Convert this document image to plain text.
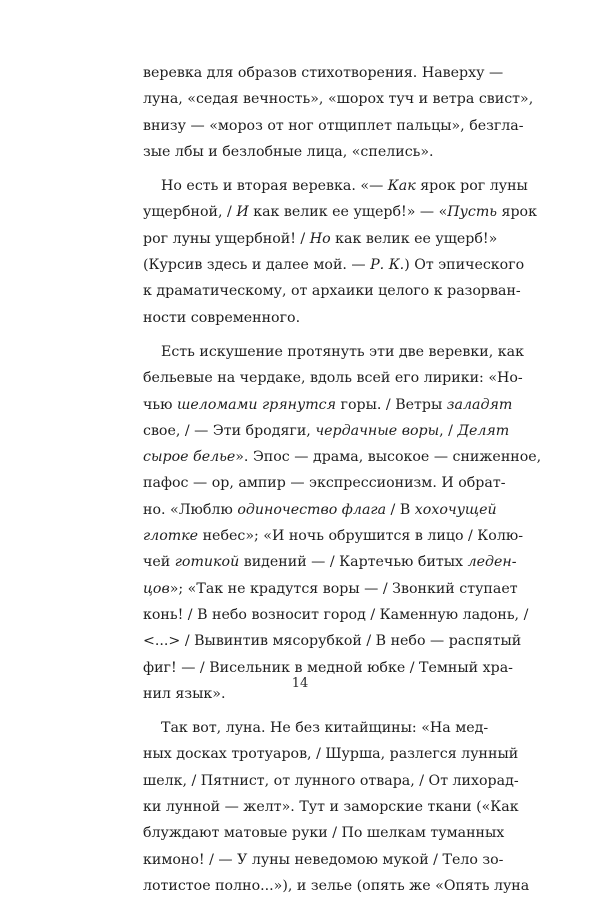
веревка для образов стихотворения. Наверху —
луна, «седая вечность», «шорох туч и ветра свист»,
внизу — «мороз от ног отщиплет пальцы», безгла-
зые лбы и безлобные лица, «спелись».
Но есть и вторая веревка. «— Как ярок рог луны
ущербной, / И как велик ее ущерб!» — «Пусть ярок
рог луны ущербной! / Но как велик ее ущерб!»
(Курсив здесь и далее мой. — Р. К.) От эпического
к драматическому, от архаики целого к разорван-
ности современного.
Есть искушение протянуть эти две веревки, как
бельевые на чердаке, вдоль всей его лирики: «Но-
чью шеломами грянутся горы. / Ветры заладят
свое, / — Эти бродяги, чердачные воры, / Делят
сырое белье». Эпос — драма, высокое — сниженное,
пафос — ор, ампир — экспрессионизм. И обрат-
но. «Люблю одиночество флага / В хохочущей
глотке небес»; «И ночь обрушится в лицо / Колю-
чей готикой видений — / Картечью битых леден-
цов»; «Так не крадутся воры — / Звонкий ступает
конь! / В небо возносит город / Каменную ладонь, /
<...> / Вывинтив мясорубкой / В небо — распятый
фиг! — / Висельник в медной юбке / Темный хра-
нил язык».
Так вот, луна. Не без китайщины: «На мед-
ных досках тротуаров, / Шурша, разлегся лунный
шелк, / Пятнист, от лунного отвара, / От лихорад-
ки лунной — желт». Тут и заморские ткани («Как
блуждают матовые руки / По шелкам туманных
кимоно! / — У луны неведомою мукой / Тело зо-
лотистое полно...»), и зелье (опять же «Опять луна
14
